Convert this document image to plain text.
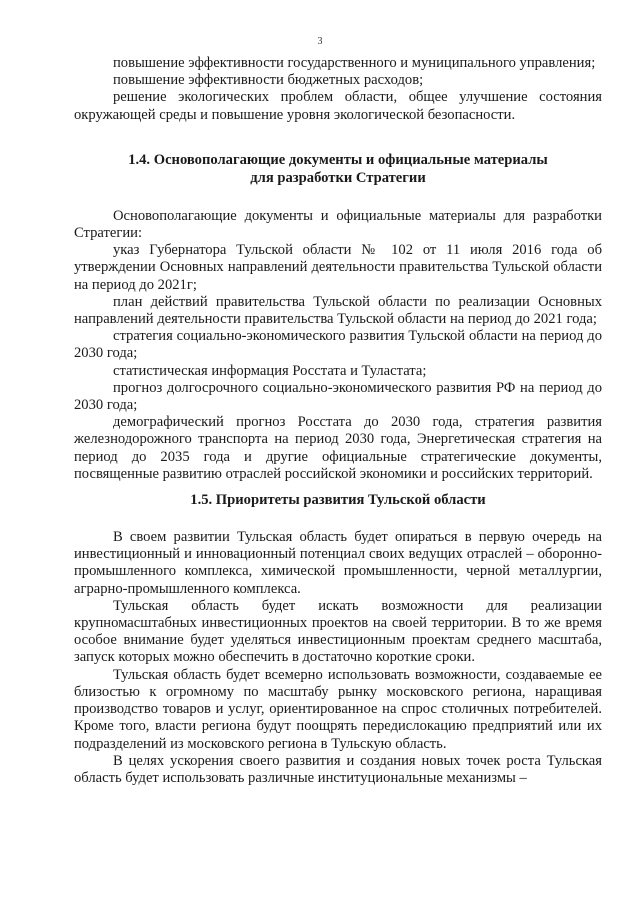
3

повышение эффективности государственного и муниципального управления;

повышение эффективности бюджетных расходов;

решение экологических проблем области, общее улучшение состояния окружающей среды и повышение уровня экологической безопасности.

1.4. Основополагающие документы и официальные материалы
для разработки Стратегии

Основополагающие документы и официальные материалы для разработки Стратегии:

указ Губернатора Тульской области № 102 от 11 июля 2016 года об утверждении Основных направлений деятельности правительства Тульской области на период до 2021г;

план действий правительства Тульской области по реализации Основных направлений деятельности правительства Тульской области на период до 2021 года;

стратегия социально-экономического развития Тульской области на период до 2030 года;

статистическая информация Росстата и Туластата;

прогноз долгосрочного социально-экономического развития РФ на период до 2030 года;

демографический прогноз Росстата до 2030 года, стратегия развития железнодорожного транспорта на период 2030 года, Энергетическая стратегия на период до 2035 года и другие официальные стратегические документы, посвященные развитию отраслей российской экономики и российских территорий.

1.5. Приоритеты развития Тульской области

В своем развитии Тульская область будет опираться в первую очередь на инвестиционный и инновационный потенциал своих ведущих отраслей – оборонно-промышленного комплекса, химической промышленности, черной металлургии, аграрно-промышленного комплекса.

Тульская область будет искать возможности для реализации крупномасштабных инвестиционных проектов на своей территории. В то же время особое внимание будет уделяться инвестиционным проектам среднего масштаба, запуск которых можно обеспечить в достаточно короткие сроки.

Тульская область будет всемерно использовать возможности, создаваемые ее близостью к огромному по масштабу рынку московского региона, наращивая производство товаров и услуг, ориентированное на спрос столичных потребителей. Кроме того, власти региона будут поощрять передислокацию предприятий или их подразделений из московского региона в Тульскую область.

В целях ускорения своего развития и создания новых точек роста Тульская область будет использовать различные институциональные механизмы –
